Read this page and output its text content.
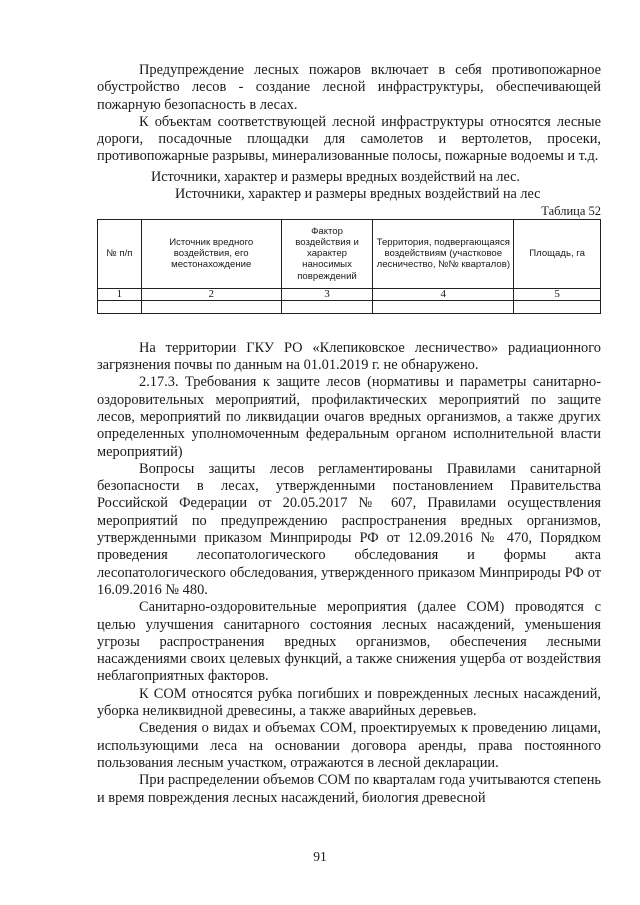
Предупреждение лесных пожаров включает в себя противопожарное обустройство лесов - создание лесной инфраструктуры, обеспечивающей пожарную безопасность в лесах.

К объектам соответствующей лесной инфраструктуры относятся лесные дороги, посадочные площадки для самолетов и вертолетов, просеки, противопожарные разрывы, минерализованные полосы, пожарные водоемы и т.д.

Источники, характер и размеры вредных воздействий на лес.
Источники, характер и размеры вредных воздействий на лес
Таблица 52
№ п/п	Источник вредного воздействия, его местонахождение	Фактор воздействия и характер наносимых повреждений	Территория, подвергающаяся воздействиям (участковое лесничество, №№ кварталов)	Площадь, га
1	2	3	4	5

На территории ГКУ РО «Клепиковское лесничество» радиационного загрязнения почвы по данным на 01.01.2019 г. не обнаружено.

2.17.3. Требования к защите лесов (нормативы и параметры санитарно-оздоровительных мероприятий, профилактических мероприятий по защите лесов, мероприятий по ликвидации очагов вредных организмов, а также других определенных уполномоченным федеральным органом исполнительной власти мероприятий)

Вопросы защиты лесов регламентированы Правилами санитарной безопасности в лесах, утвержденными постановлением Правительства Российской Федерации от 20.05.2017 № 607, Правилами осуществления мероприятий по предупреждению распространения вредных организмов, утвержденными приказом Минприроды РФ от 12.09.2016 № 470, Порядком проведения лесопатологического обследования и формы акта лесопатологического обследования, утвержденного приказом Минприроды РФ от 16.09.2016 № 480.

Санитарно-оздоровительные мероприятия (далее СОМ) проводятся с целью улучшения санитарного состояния лесных насаждений, уменьшения угрозы распространения вредных организмов, обеспечения лесными насаждениями своих целевых функций, а также снижения ущерба от воздействия неблагоприятных факторов.

К СОМ относятся рубка погибших и поврежденных лесных насаждений, уборка неликвидной древесины, а также аварийных деревьев.

Сведения о видах и объемах СОМ, проектируемых к проведению лицами, использующими леса на основании договора аренды, права постоянного пользования лесным участком, отражаются в лесной декларации.

При распределении объемов СОМ по кварталам года учитываются степень и время повреждения лесных насаждений, биология древесной

91
